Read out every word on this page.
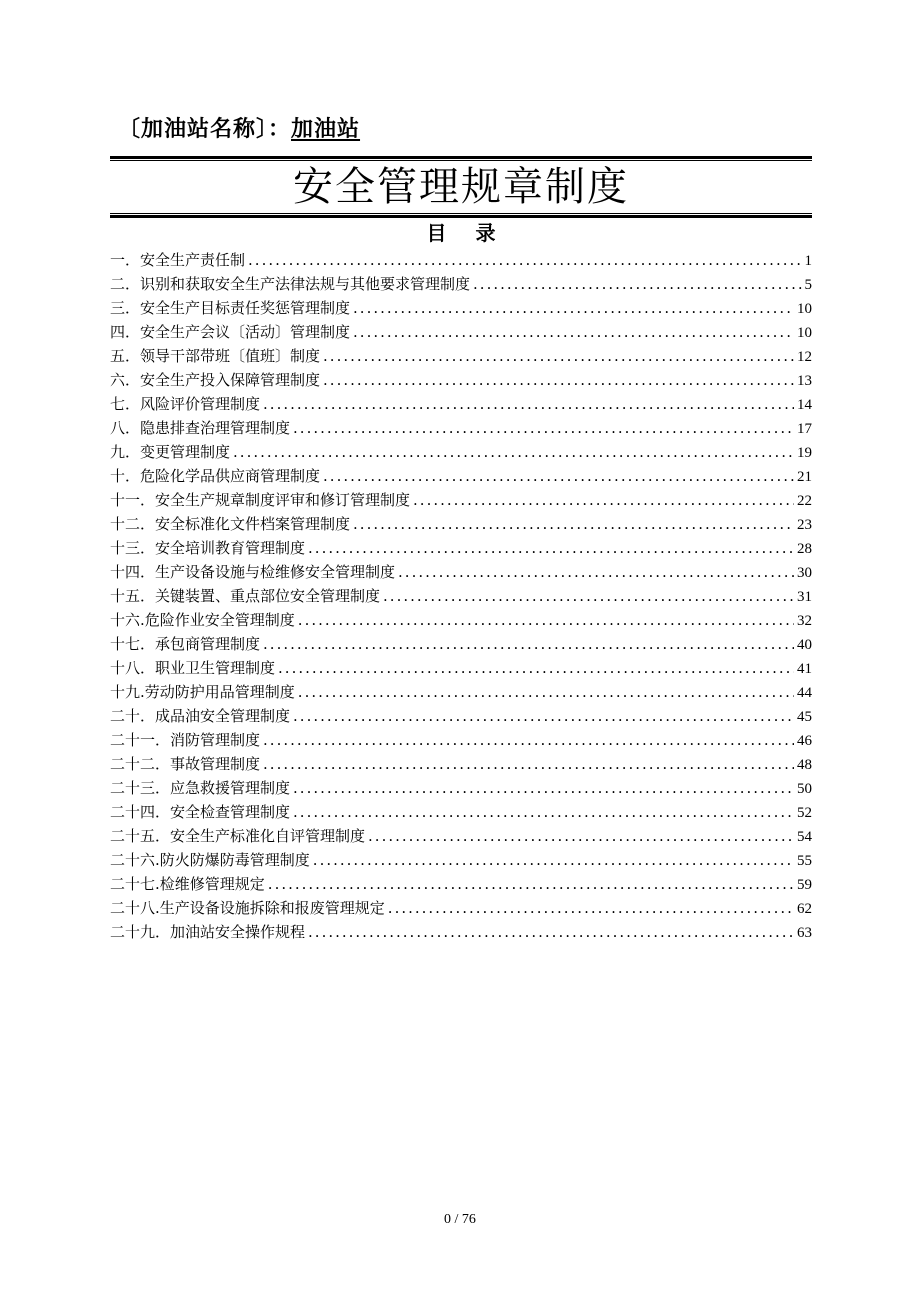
〔加油站名称〕：加油站
安全管理规章制度
目 录
一． 安全生产责任制 .....	1
二． 识别和获取安全生产法律法规与其他要求管理制度 .....	5
三． 安全生产目标责任奖惩管理制度 .....	10
四． 安全生产会议〔活动〕管理制度 .....	10
五． 领导干部带班〔值班〕制度 .....	12
六． 安全生产投入保障管理制度 .....	13
七． 风险评价管理制度 .....	14
八． 隐患排查治理管理制度 .....	17
九． 变更管理制度 .....	19
十． 危险化学品供应商管理制度 .....	21
十一． 安全生产规章制度评审和修订管理制度 .....	22
十二． 安全标准化文件档案管理制度 .....	23
十三． 安全培训教育管理制度 .....	28
十四． 生产设备设施与检维修安全管理制度 .....	30
十五． 关键装置、重点部位安全管理制度 .....	31
十六. 危险作业安全管理制度 .....	32
十七． 承包商管理制度 .....	40
十八． 职业卫生管理制度 .....	41
十九. 劳动防护用品管理制度 .....	44
二十． 成品油安全管理制度 .....	45
二十一． 消防管理制度 .....	46
二十二． 事故管理制度 .....	48
二十三． 应急救援管理制度 .....	50
二十四． 安全检查管理制度 .....	52
二十五． 安全生产标准化自评管理制度 .....	54
二十六. 防火防爆防毒管理制度 .....	55
二十七. 检维修管理规定 .....	59
二十八. 生产设备设施拆除和报废管理规定 .....	62
二十九． 加油站安全操作规程 .....	63
0 / 76
